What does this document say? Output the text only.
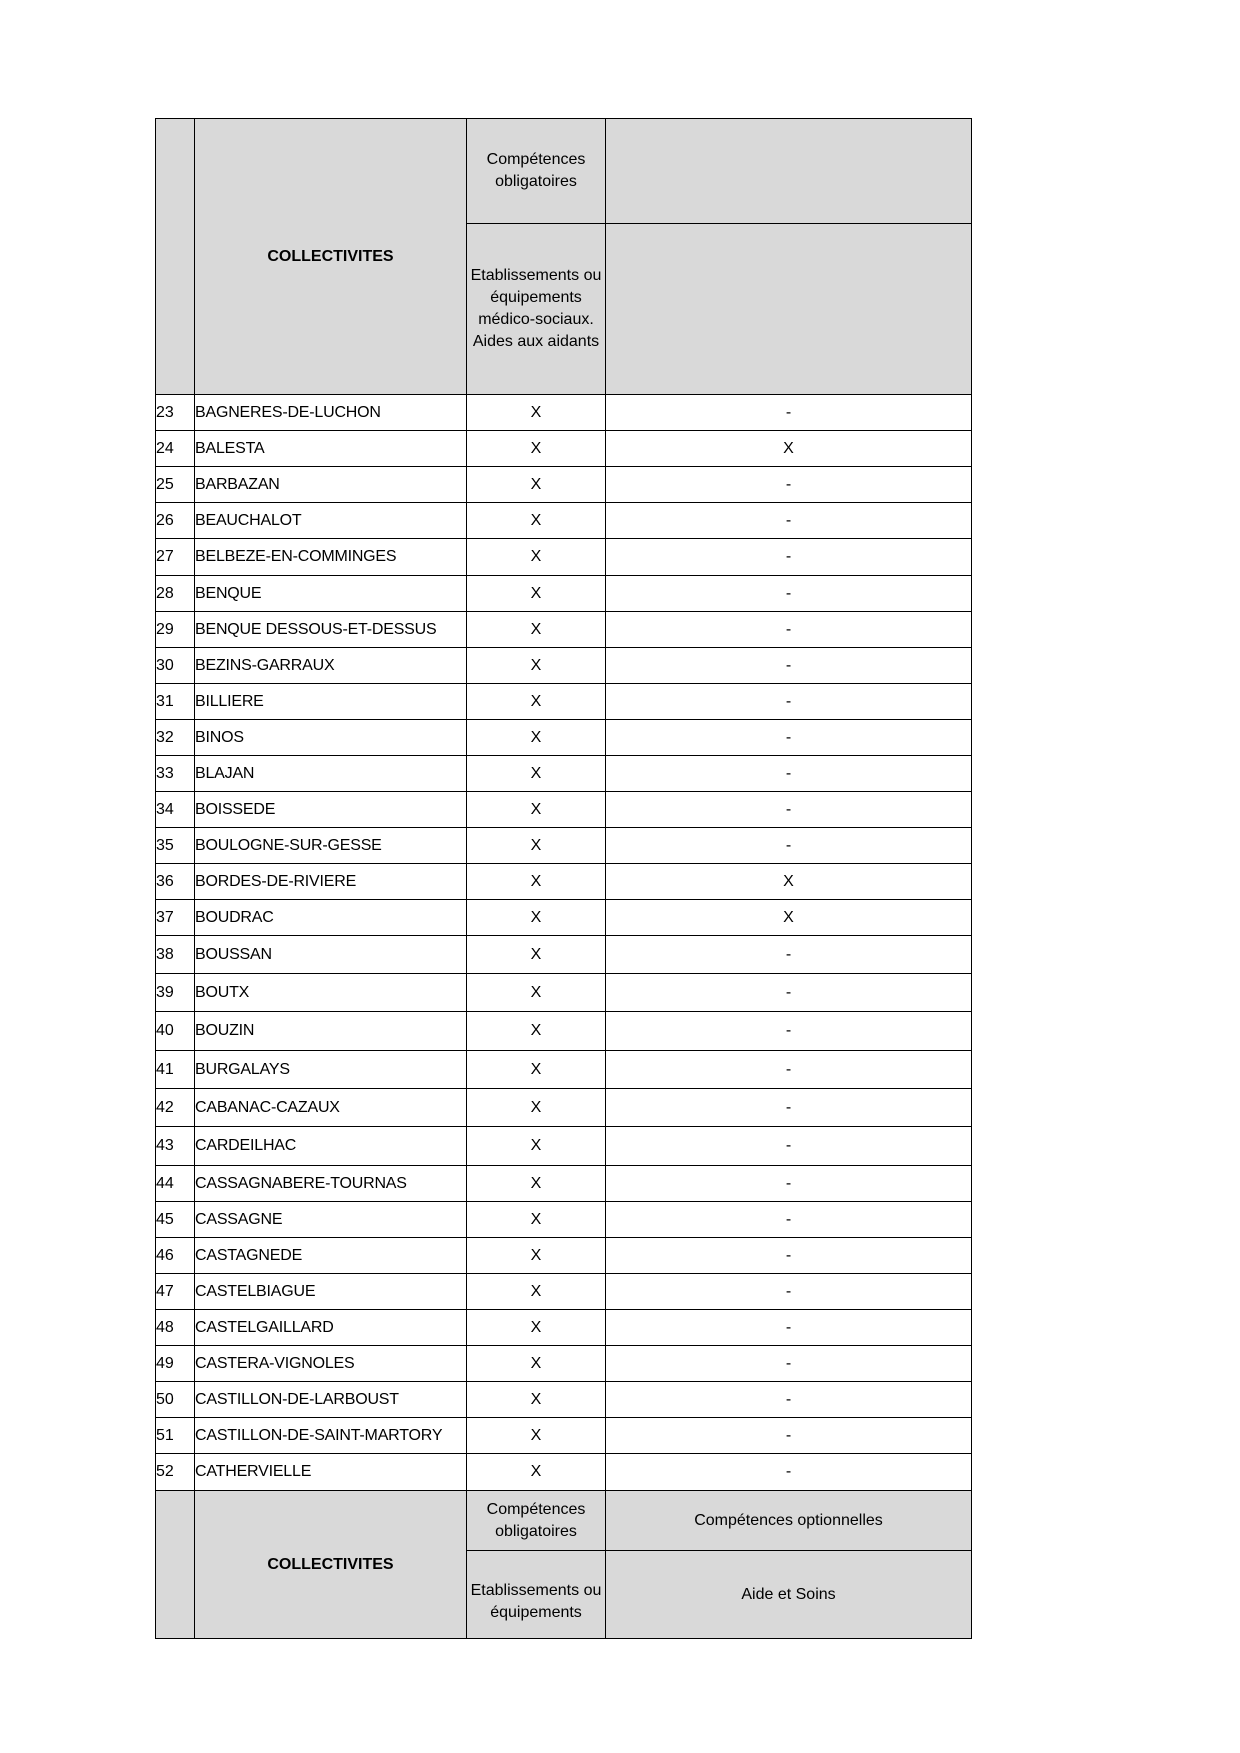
	COLLECTIVITES	Compétences obligatoires	
		Etablissements ou équipements médico-sociaux. Aides aux aidants	
23	BAGNERES-DE-LUCHON	X	-
24	BALESTA	X	X
25	BARBAZAN	X	-
26	BEAUCHALOT	X	-
27	BELBEZE-EN-COMMINGES	X	-
28	BENQUE	X	-
29	BENQUE DESSOUS-ET-DESSUS	X	-
30	BEZINS-GARRAUX	X	-
31	BILLIERE	X	-
32	BINOS	X	-
33	BLAJAN	X	-
34	BOISSEDE	X	-
35	BOULOGNE-SUR-GESSE	X	-
36	BORDES-DE-RIVIERE	X	X
37	BOUDRAC	X	X
38	BOUSSAN	X	-
39	BOUTX	X	-
40	BOUZIN	X	-
41	BURGALAYS	X	-
42	CABANAC-CAZAUX	X	-
43	CARDEILHAC	X	-
44	CASSAGNABERE-TOURNAS	X	-
45	CASSAGNE	X	-
46	CASTAGNEDE	X	-
47	CASTELBIAGUE	X	-
48	CASTELGAILLARD	X	-
49	CASTERA-VIGNOLES	X	-
50	CASTILLON-DE-LARBOUST	X	-
51	CASTILLON-DE-SAINT-MARTORY	X	-
52	CATHERVIELLE	X	-
	COLLECTIVITES	Compétences obligatoires	Compétences optionnelles
		Etablissements ou équipements	Aide et Soins
